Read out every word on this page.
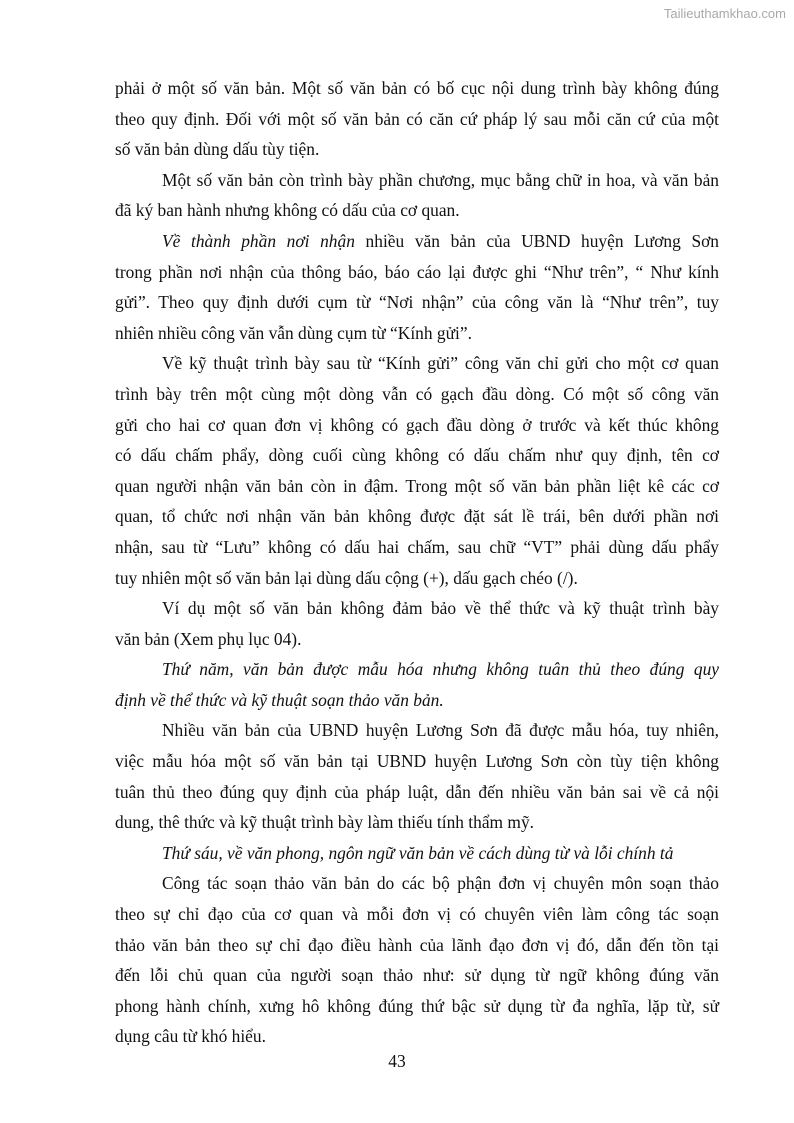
Tailieuthamkhao.com
phải ở một số văn bản. Một số văn bản có bố cục nội dung trình bày không đúng
theo quy định. Đối với một số văn bản có căn cứ pháp lý sau mỗi căn cứ của một
số văn bản dùng dấu tùy tiện.
Một số văn bản còn trình bày phần chương, mục bằng chữ in hoa, và văn bản
đã ký ban hành nhưng không có dấu của cơ quan.
Về thành phần nơi nhận nhiều văn bản của UBND huyện Lương Sơn
trong phần nơi nhận của thông báo, báo cáo lại được ghi “Như trên”, “ Như kính
gửi”. Theo quy định dưới cụm từ “Nơi nhận” của công văn là “Như trên”, tuy
nhiên nhiều công văn vẫn dùng cụm từ “Kính gửi”.
Về kỹ thuật trình bày sau từ “Kính gửi” công văn chỉ gửi cho một cơ quan
trình bày trên một cùng một dòng vẫn có gạch đầu dòng. Có một số công văn
gửi cho hai cơ quan đơn vị không có gạch đầu dòng ở trước và kết thúc không
có dấu chấm phẩy, dòng cuối cùng không có dấu chấm như quy định, tên cơ
quan người nhận văn bản còn in đậm. Trong một số văn bản phần liệt kê các cơ
quan, tổ chức nơi nhận văn bản không được đặt sát lề trái, bên dưới phần nơi
nhận, sau từ “Lưu” không có dấu hai chấm, sau chữ “VT” phải dùng dấu phẩy
tuy nhiên một số văn bản lại dùng dấu cộng (+), dấu gạch chéo (/).
Ví dụ một số văn bản không đảm bảo về thể thức và kỹ thuật trình bày
văn bản (Xem phụ lục 04).
Thứ năm, văn bản được mẫu hóa nhưng không tuân thủ theo đúng quy
định về thể thức và kỹ thuật soạn thảo văn bản.
Nhiều văn bản của UBND huyện Lương Sơn đã được mẫu hóa, tuy nhiên,
việc mẫu hóa một số văn bản tại UBND huyện Lương Sơn còn tùy tiện không
tuân thủ theo đúng quy định của pháp luật, dẫn đến nhiều văn bản sai về cả nội
dung, thê thức và kỹ thuật trình bày làm thiếu tính thẩm mỹ.
Thứ sáu, về văn phong, ngôn ngữ văn bản về cách dùng từ và lỗi chính tả
Công tác soạn thảo văn bản do các bộ phận đơn vị chuyên môn soạn thảo
theo sự chỉ đạo của cơ quan và mỗi đơn vị có chuyên viên làm công tác soạn
thảo văn bản theo sự chỉ đạo điều hành của lãnh đạo đơn vị đó, dẫn đến tồn tại
đến lỗi chủ quan của người soạn thảo như: sử dụng từ ngữ không đúng văn
phong hành chính, xưng hô không đúng thứ bậc sử dụng từ đa nghĩa, lặp từ, sử
dụng câu từ khó hiểu.
43
